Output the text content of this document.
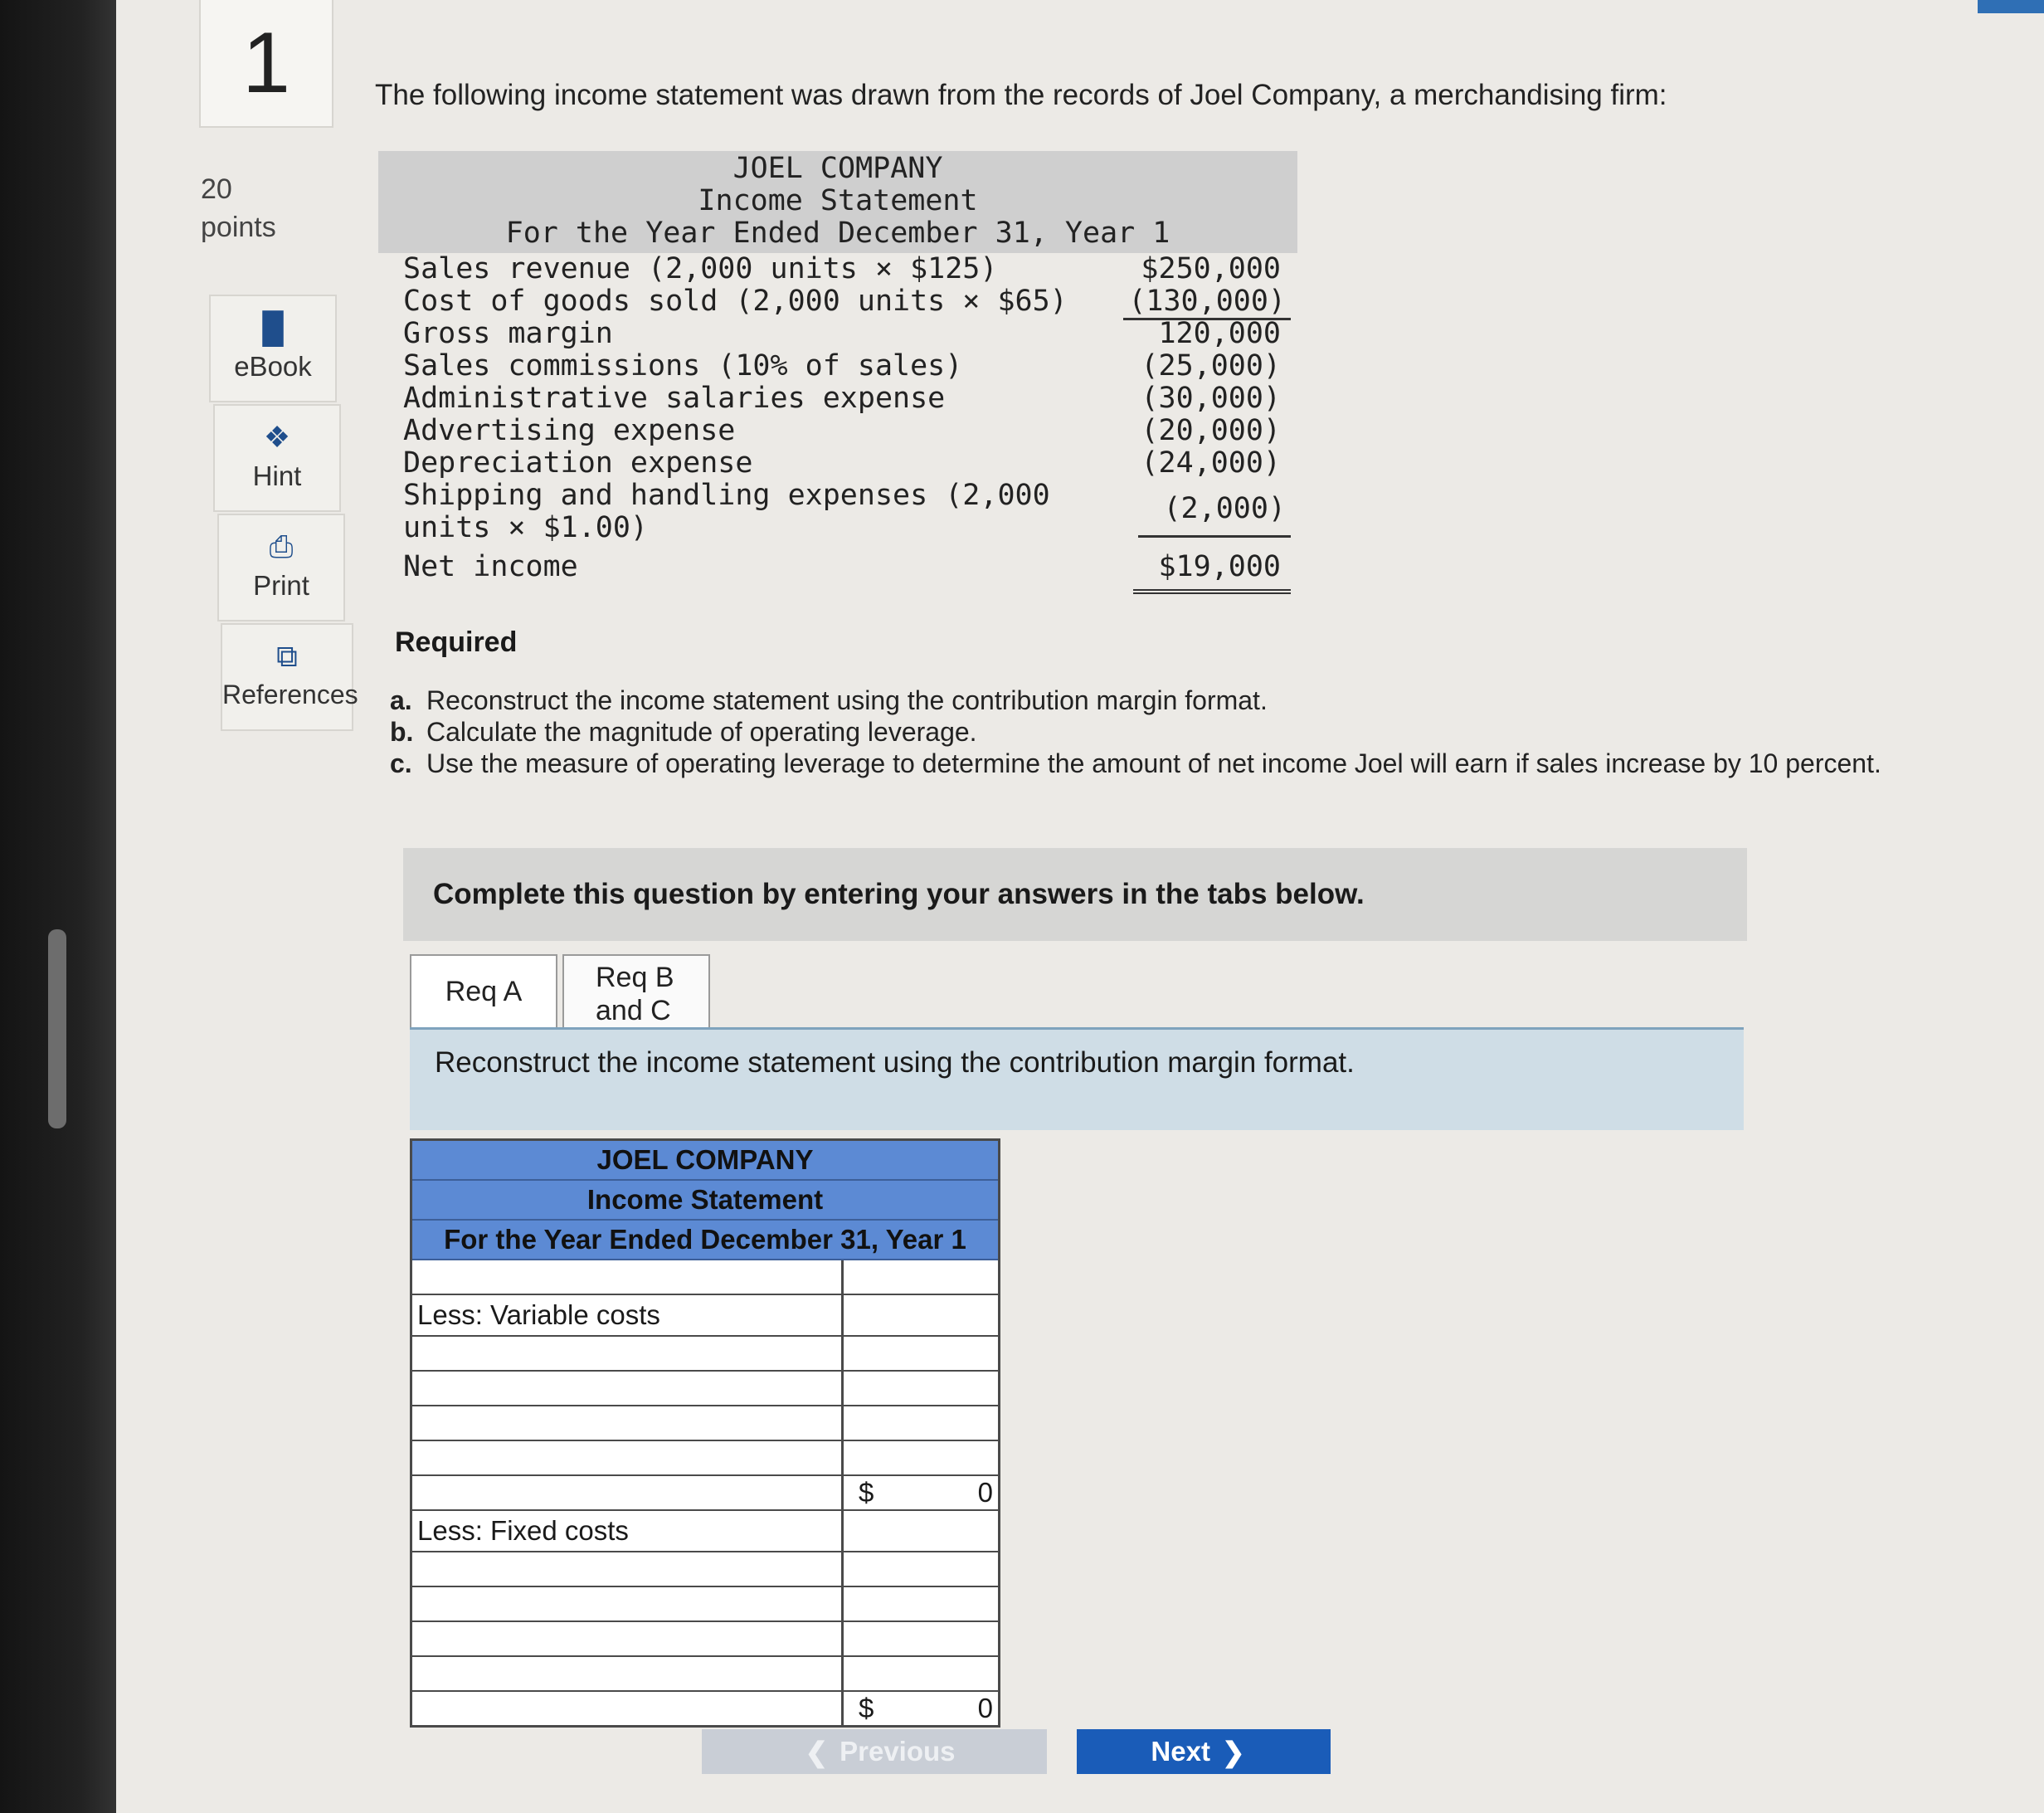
1
20
points
█
eBook
❖
Hint
⎙
Print
⧉
References
The following income statement was drawn from the records of Joel Company, a merchandising firm:
JOEL COMPANY
Income Statement
For the Year Ended December 31, Year 1
Sales revenue (2,000 units × $125)	$250,000
Cost of goods sold (2,000 units × $65) (130,000)
Gross margin	120,000
Sales commissions (10% of sales)	(25,000)
Administrative salaries expense	(30,000)
Advertising expense	(20,000)
Depreciation expense	(24,000)
Shipping and handling expenses (2,000
units × $1.00)
(2,000)
Net income	$19,000
Required
a. Reconstruct the income statement using the contribution margin format.
b. Calculate the magnitude of operating leverage.
c. Use the measure of operating leverage to determine the amount of net income Joel will earn if sales increase by 10 percent.
Complete this question by entering your answers in the tabs below.
Req A	Req B
and C
Reconstruct the income statement using the contribution margin format.
JOEL COMPANY
Income Statement
For the Year Ended December 31, Year 1
Less: Variable costs
$	0
Less: Fixed costs
$	0
❮ Previous	Next ❯
